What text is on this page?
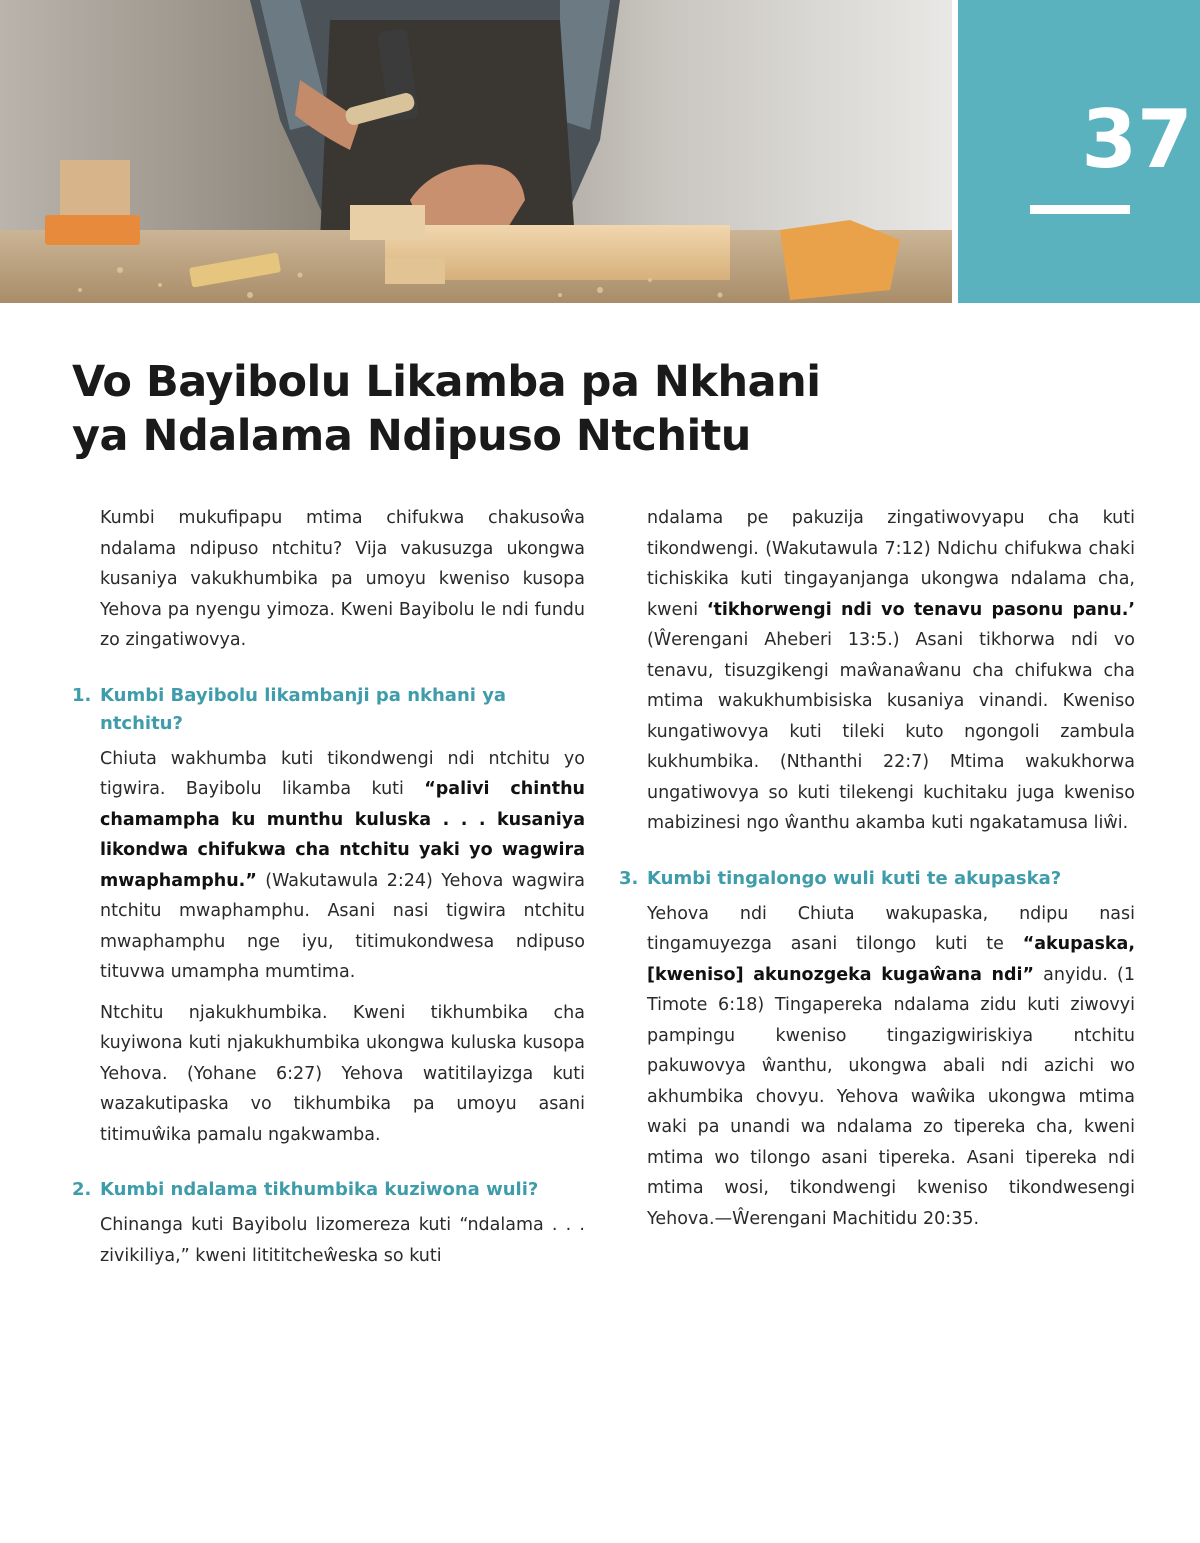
37
Vo Bayibolu Likamba pa Nkhani
ya Ndalama Ndipuso Ntchitu

Kumbi mukufipapu mtima chifukwa chakusoŵa ndalama ndipuso ntchitu? Vija vakusuzga ukongwa kusaniya vakukhumbika pa umoyu kweniso kusopa Yehova pa nyengu yimoza. Kweni Bayibolu le ndi fundu zo zingatiwovya.

1. Kumbi Bayibolu likambanji pa nkhani ya ntchitu?

Chiuta wakhumba kuti tikondwengi ndi ntchitu yo tigwira. Bayibolu likamba kuti “palivi chinthu chamampha ku munthu kuluska . . . kusaniya likondwa chifukwa cha ntchitu yaki yo wagwira mwaphamphu.” (Wakutawula 2:24) Yehova wagwira ntchitu mwaphamphu. Asani nasi tigwira ntchitu mwaphamphu nge iyu, titimukondwesa ndipuso tituvwa umampha mumtima.

Ntchitu njakukhumbika. Kweni tikhumbika cha kuyiwona kuti njakukhumbika ukongwa kuluska kusopa Yehova. (Yohane 6:27) Yehova watitilayizga kuti wazakutipaska vo tikhumbika pa umoyu asani titimuŵika pamalu ngakwamba.

2. Kumbi ndalama tikhumbika kuziwona wuli?

Chinanga kuti Bayibolu lizomereza kuti “ndalama . . . zivikiliya,” kweni litititcheŵeska so kuti

ndalama pe pakuzija zingatiwovyapu cha kuti tikondwengi. (Wakutawula 7:12) Ndichu chifukwa chaki tichiskika kuti tingayanjanga ukongwa ndalama cha, kweni ‘tikhorwengi ndi vo tenavu pasonu panu.’ (Ŵerengani Aheberi 13:5.) Asani tikhorwa ndi vo tenavu, tisuzgikengi maŵanaŵanu cha chifukwa cha mtima wakukhumbisiska kusaniya vinandi. Kweniso kungatiwovya kuti tileki kuto ngongoli zambula kukhumbika. (Nthanthi 22:7) Mtima wakukhorwa ungatiwovya so kuti tilekengi kuchitaku juga kweniso mabizinesi ngo ŵanthu akamba kuti ngakatamusa liŵi.

3. Kumbi tingalongo wuli kuti te akupaska?

Yehova ndi Chiuta wakupaska, ndipu nasi tingamuyezga asani tilongo kuti te “akupaska, [kweniso] akunozgeka kugaŵana ndi” anyidu. (1 Timote 6:18) Tingapereka ndalama zidu kuti ziwovyi pampingu kweniso tingazigwiriskiya ntchitu pakuwovya ŵanthu, ukongwa abali ndi azichi wo akhumbika chovyu. Yehova waŵika ukongwa mtima waki pa unandi wa ndalama zo tipereka cha, kweni mtima wo tilongo asani tipereka. Asani tipereka ndi mtima wosi, tikondwengi kweniso tikondwesengi Yehova.—Ŵerengani Machitidu 20:35.
